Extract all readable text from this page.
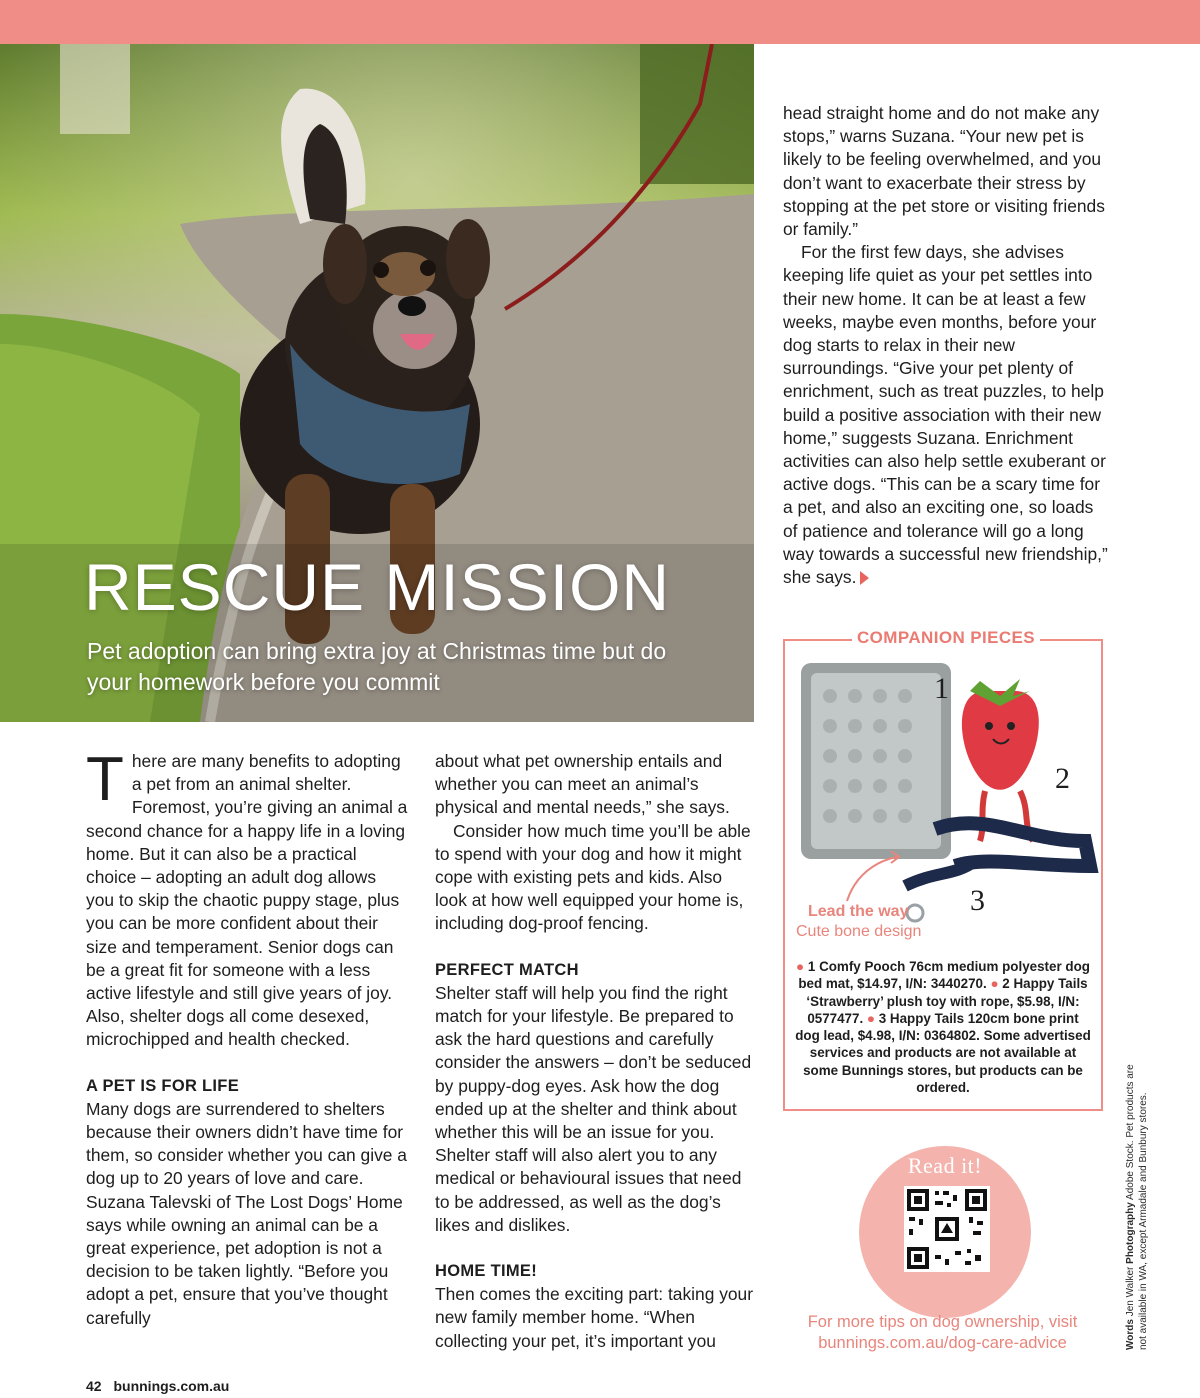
RESCUE MISSION
Pet adoption can bring extra joy at Christmas time but do your homework before you commit

There are many benefits to adopting a pet from an animal shelter. Foremost, you’re giving an animal a second chance for a happy life in a loving home. But it can also be a practical choice – adopting an adult dog allows you to skip the chaotic puppy stage, plus you can be more confident about their size and temperament. Senior dogs can be a great fit for someone with a less active lifestyle and still give years of joy. Also, shelter dogs all come desexed, microchipped and health checked.

A PET IS FOR LIFE

Many dogs are surrendered to shelters because their owners didn’t have time for them, so consider whether you can give a dog up to 20 years of love and care. Suzana Talevski of The Lost Dogs’ Home says while owning an animal can be a great experience, pet adoption is not a decision to be taken lightly. “Before you adopt a pet, ensure that you’ve thought carefully

about what pet ownership entails and whether you can meet an animal’s physical and mental needs,” she says.

Consider how much time you’ll be able to spend with your dog and how it might cope with existing pets and kids. Also look at how well equipped your home is, including dog-proof fencing.

PERFECT MATCH

Shelter staff will help you find the right match for your lifestyle. Be prepared to ask the hard questions and carefully consider the answers – don’t be seduced by puppy-dog eyes. Ask how the dog ended up at the shelter and think about whether this will be an issue for you. Shelter staff will also alert you to any medical or behavioural issues that need to be addressed, as well as the dog’s likes and dislikes.

HOME TIME!

Then comes the exciting part: taking your new family member home. “When collecting your pet, it’s important you

head straight home and do not make any stops,” warns Suzana. “Your new pet is likely to be feeling overwhelmed, and you don’t want to exacerbate their stress by stopping at the pet store or visiting friends or family.”

For the first few days, she advises keeping life quiet as your pet settles into their new home. It can be at least a few weeks, maybe even months, before your dog starts to relax in their new surroundings. “Give your pet plenty of enrichment, such as treat puzzles, to help build a positive association with their new home,” suggests Suzana. Enrichment activities can also help settle exuberant or active dogs. “This can be a scary time for a pet, and also an exciting one, so loads of patience and tolerance will go a long way towards a successful new friendship,” she says.

COMPANION PIECES
1
2
3
Lead the way
Cute bone design
● 1 Comfy Pooch 76cm medium polyester dog bed mat, $14.97, I/N: 3440270. ● 2 Happy Tails ‘Strawberry’ plush toy with rope, $5.98, I/N: 0577477. ● 3 Happy Tails 120cm bone print dog lead, $4.98, I/N: 0364802. Some advertised services and products are not available at some Bunnings stores, but products can be ordered.
Read it!
For more tips on dog ownership, visit bunnings.com.au/dog-care-advice	Words Jen Walker Photography Adobe Stock. Pet products are not available in WA, except Armadale and Bunbury stores.
42 bunnings.com.au
